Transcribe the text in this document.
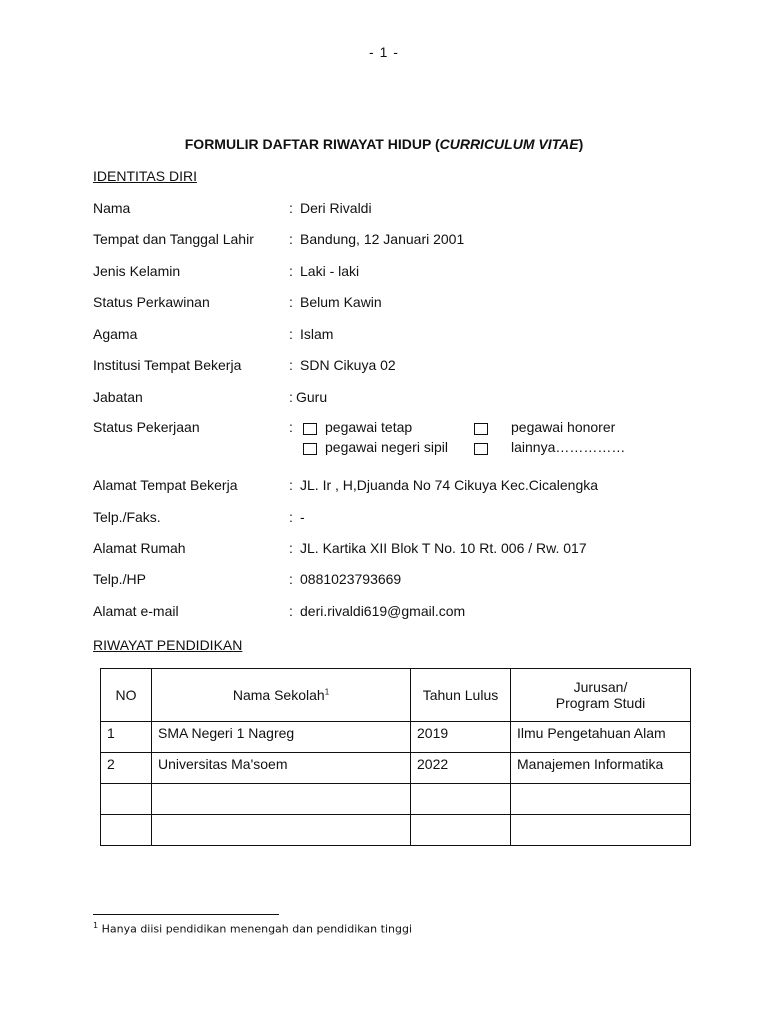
- 1 -
FORMULIR DAFTAR RIWAYAT HIDUP (CURRICULUM VITAE)
IDENTITAS DIRI
Nama	: Deri Rivaldi
Tempat dan Tanggal Lahir	: Bandung, 12 Januari 2001
Jenis Kelamin	: Laki - laki
Status Perkawinan	: Belum Kawin
Agama	: Islam
Institusi Tempat Bekerja	: SDN Cikuya 02
Jabatan	: Guru
Status Pekerjaan	: pegawai tetap	pegawai honorer
pegawai negeri sipil	lainnya……………
Alamat Tempat Bekerja	: JL. Ir , H,Djuanda No 74 Cikuya Kec.Cicalengka
Telp./Faks.	: -
Alamat Rumah	: JL. Kartika XII Blok T No. 10 Rt. 006 / Rw. 017
Telp./HP	: 0881023793669
Alamat e-mail	: deri.rivaldi619@gmail.com
RIWAYAT PENDIDIKAN
NO	Nama Sekolah$^1$	Tahun Lulus	Jurusan/
Program Studi
1	SMA Negeri 1 Nagreg	2019	Ilmu Pengetahuan Alam
2	Universitas Ma'soem	2022	Manajemen Informatika

$^1$ Hanya diisi pendidikan menengah dan pendidikan tinggi
